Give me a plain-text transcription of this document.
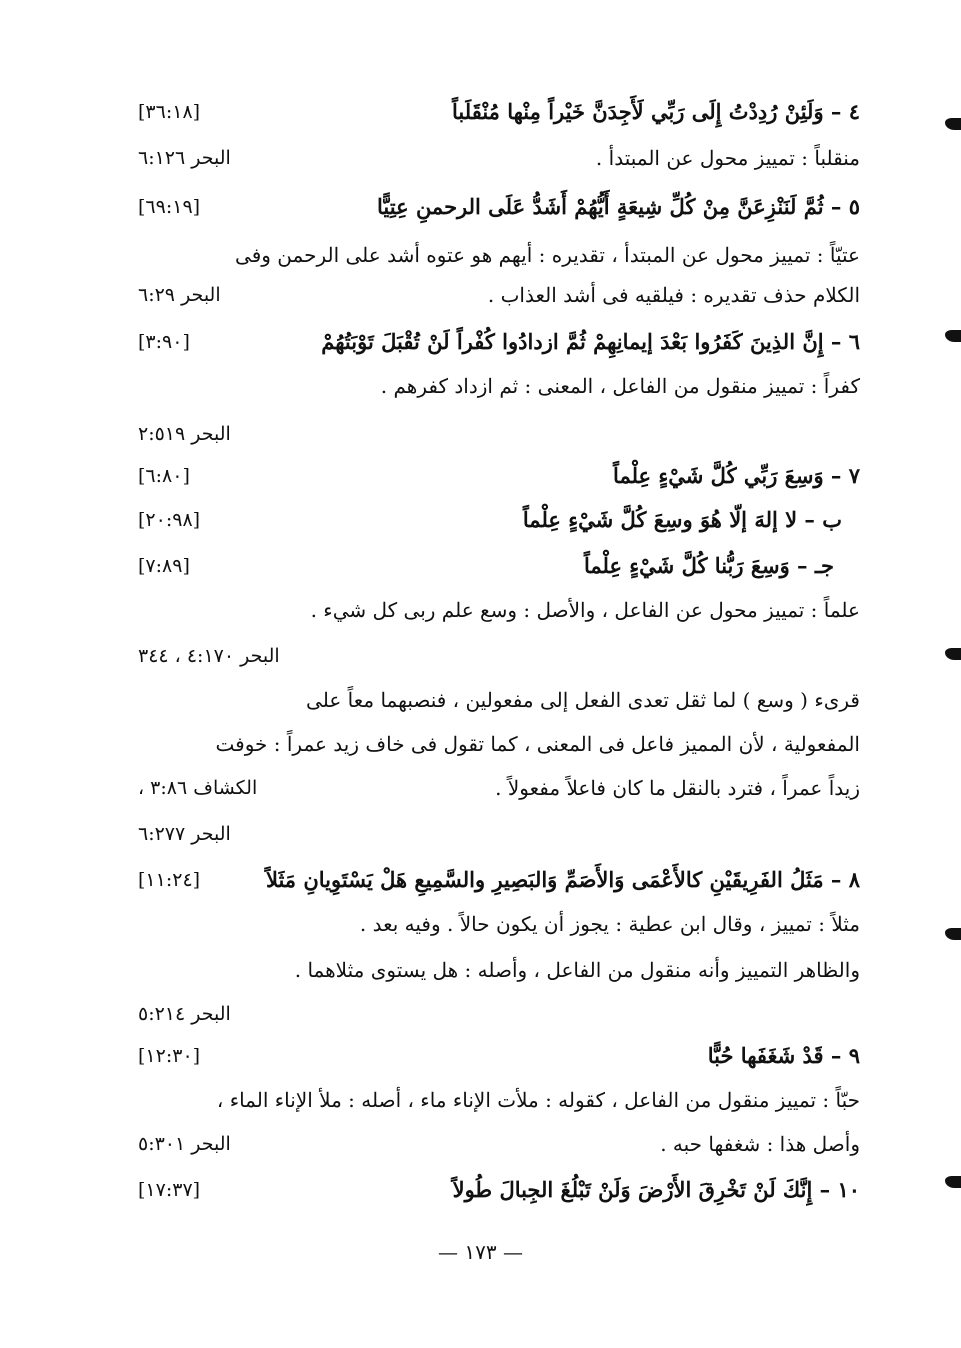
٤ – وَلَئِنْ رُدِدْتُ إِلَى رَبِّي لَأَجِدَنَّ خَيْراً مِنْها مُنْقَلَباً
[٣٦:١٨]
منقلباً : تمييز محول عن المبتدأ .
البحر ٦:١٢٦
٥ – ثُمَّ لَنَنْزِعَنَّ مِنْ كُلِّ شِيعَةٍ أَيُّهُمْ أَشَدُّ عَلَى الرحمنِ عِتِيًّا
[٦٩:١٩]
عتيّاً : تمييز محول عن المبتدأ ، تقديره : أيهم هو عتوه أشد على الرحمن وفى
الكلام حذف تقديره : فيلقيه فى أشد العذاب .
البحر ٦:٢٩
٦ – إِنَّ الذِينَ كَفَرُوا بَعْدَ إيمانِهِمْ ثُمَّ ازدادُوا كُفْراً لَنْ تُقْبَلَ تَوْبَتُهُمْ
[٣:٩٠]
كفراً : تمييز منقول من الفاعل ، المعنى : ثم ازداد كفرهم .
البحر ٢:٥١٩
٧ – وَسِعَ رَبِّي كُلَّ شَيْءٍ عِلْماً
[٦:٨٠]
ب – لا إلهَ إلّا هُوَ وسِعَ كُلَّ شَيْءٍ عِلْماً
[٢٠:٩٨]
جـ – وَسِعَ رَبُّنا كُلَّ شَيْءٍ عِلْماً
[٧:٨٩]
علماً : تمييز محول عن الفاعل ، والأصل : وسع علم ربى كل شيء .
البحر ٤:١٧٠ ، ٣٤٤
قرىء ( وسع ) لما ثقل تعدى الفعل إلى مفعولين ، فنصبهما معاً على
المفعولية ، لأن المميز فاعل فى المعنى ، كما تقول فى خاف زيد عمراً : خوفت
زيداً عمراً ، فترد بالنقل ما كان فاعلاً مفعولاً .
الكشاف ٣:٨٦ ،
البحر ٦:٢٧٧
٨ – مَثَلُ الفَرِيقَيْنِ كالأَعْمَى وَالأَصَمِّ وَالبَصِيرِ والسَّمِيعِ هَلْ يَسْتَوِيانِ مَثَلاً
[١١:٢٤]
مثلاً : تمييز ، وقال ابن عطية : يجوز أن يكون حالاً . وفيه بعد .
والظاهر التمييز وأنه منقول من الفاعل ، وأصله : هل يستوى مثلاهما .
البحر ٥:٢١٤
٩ – قَدْ شَغَفَها حُبًّا
[١٢:٣٠]
حبّاً : تمييز منقول من الفاعل ، كقوله : ملأت الإناء ماء ، أصله : ملأ الإناء الماء ،
وأصل هذا : شغفها حبه .
البحر ٥:٣٠١
١٠ – إِنَّكَ لَنْ تَخْرِقَ الأَرْضَ وَلَنْ تَبْلُغَ الجِبالَ طُولاً
[١٧:٣٧]
— ١٧٣ —
